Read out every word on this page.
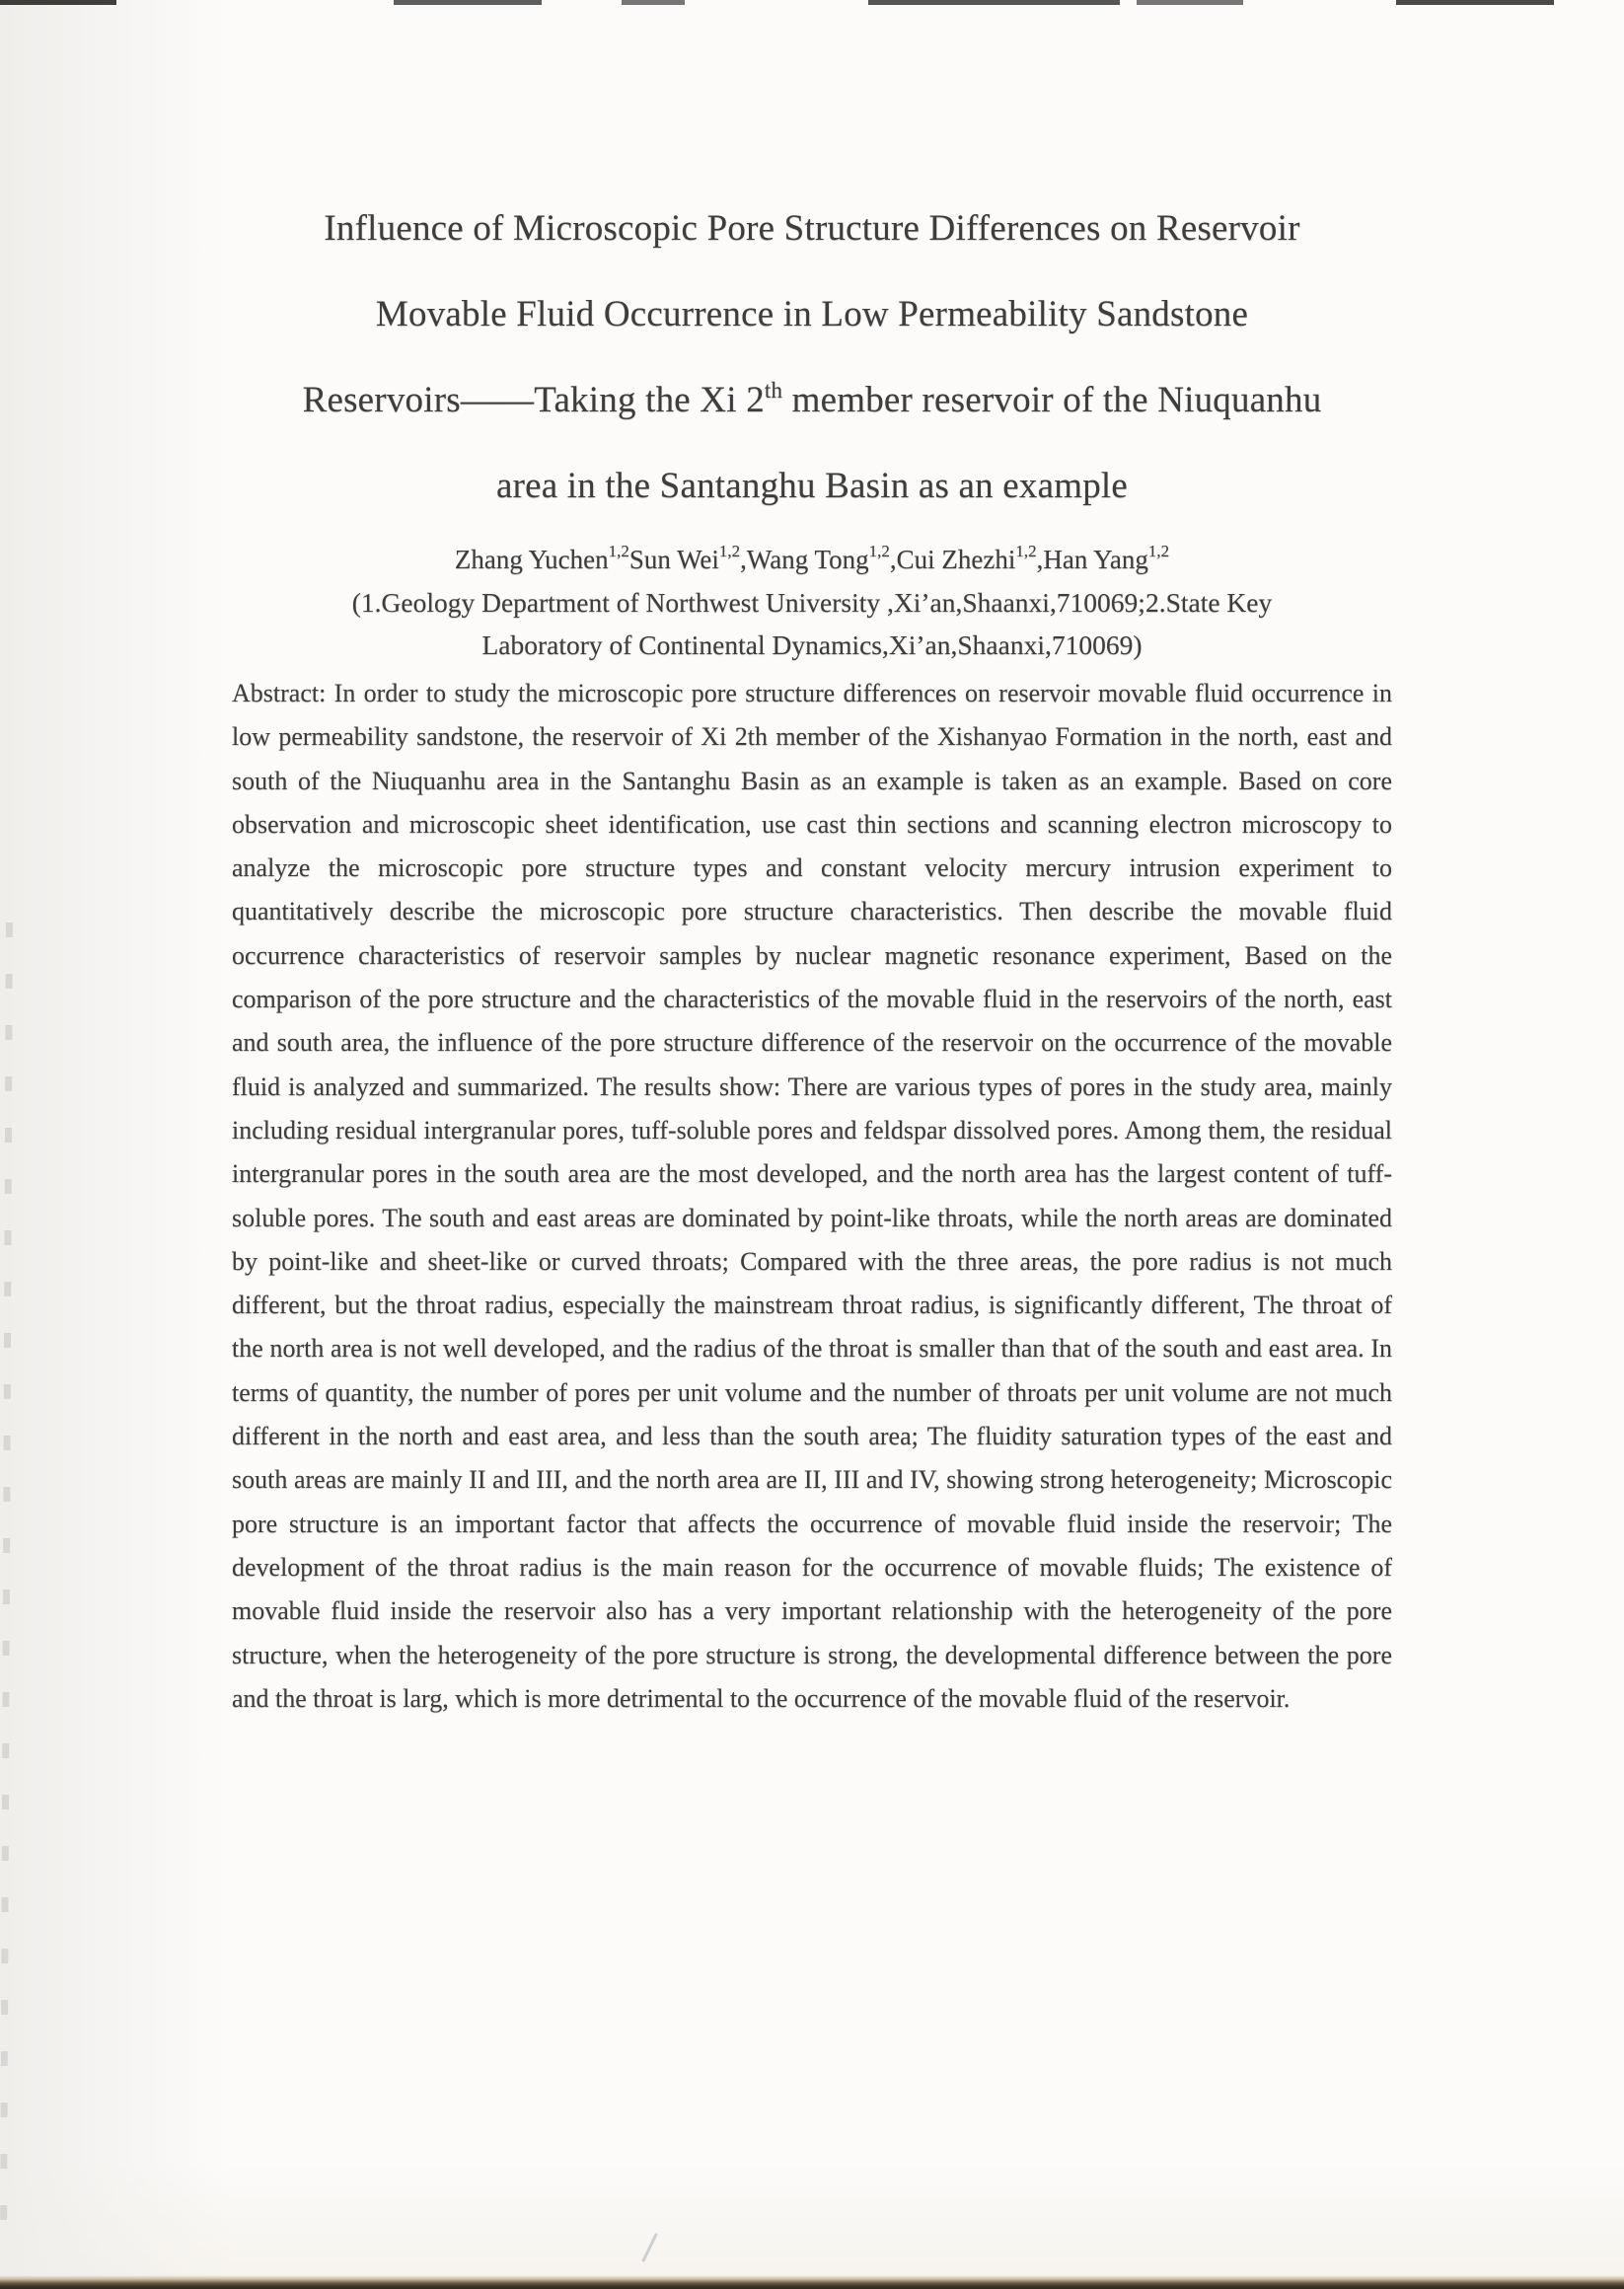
Influence of Microscopic Pore Structure Differences on Reservoir
Movable Fluid Occurrence in Low Permeability Sandstone
Reservoirs——Taking the Xi 2th member reservoir of the Niuquanhu
area in the Santanghu Basin as an example
Zhang Yuchen$^{1,2}$Sun Wei$^{1,2}$,Wang Tong$^{1,2}$,Cui Zhezhi$^{1,2}$,Han Yang$^{1,2}$
(1.Geology Department of Northwest University ,Xi’an,Shaanxi,710069;2.State Key
Laboratory of Continental Dynamics,Xi’an,Shaanxi,710069)

Abstract: In order to study the microscopic pore structure differences on reservoir movable fluid occurrence in low permeability sandstone, the reservoir of Xi 2th member of the Xishanyao Formation in the north, east and south of the Niuquanhu area in the Santanghu Basin as an example is taken as an example. Based on core observation and microscopic sheet identification, use cast thin sections and scanning electron microscopy to analyze the microscopic pore structure types and constant velocity mercury intrusion experiment to quantitatively describe the microscopic pore structure characteristics. Then describe the movable fluid occurrence characteristics of reservoir samples by nuclear magnetic resonance experiment, Based on the comparison of the pore structure and the characteristics of the movable fluid in the reservoirs of the north, east and south area, the influence of the pore structure difference of the reservoir on the occurrence of the movable fluid is analyzed and summarized. The results show: There are various types of pores in the study area, mainly including residual intergranular pores, tuff-soluble pores and feldspar dissolved pores. Among them, the residual intergranular pores in the south area are the most developed, and the north area has the largest content of tuff-soluble pores. The south and east areas are dominated by point-like throats, while the north areas are dominated by point-like and sheet-like or curved throats; Compared with the three areas, the pore radius is not much different, but the throat radius, especially the mainstream throat radius, is significantly different, The throat of the north area is not well developed, and the radius of the throat is smaller than that of the south and east area. In terms of quantity, the number of pores per unit volume and the number of throats per unit volume are not much different in the north and east area, and less than the south area; The fluidity saturation types of the east and south areas are mainly II and III, and the north area are II, III and IV, showing strong heterogeneity; Microscopic pore structure is an important factor that affects the occurrence of movable fluid inside the reservoir; The development of the throat radius is the main reason for the occurrence of movable fluids; The existence of movable fluid inside the reservoir also has a very important relationship with the heterogeneity of the pore structure, when the heterogeneity of the pore structure is strong, the developmental difference between the pore and the throat is larg, which is more detrimental to the occurrence of the movable fluid of the reservoir.
